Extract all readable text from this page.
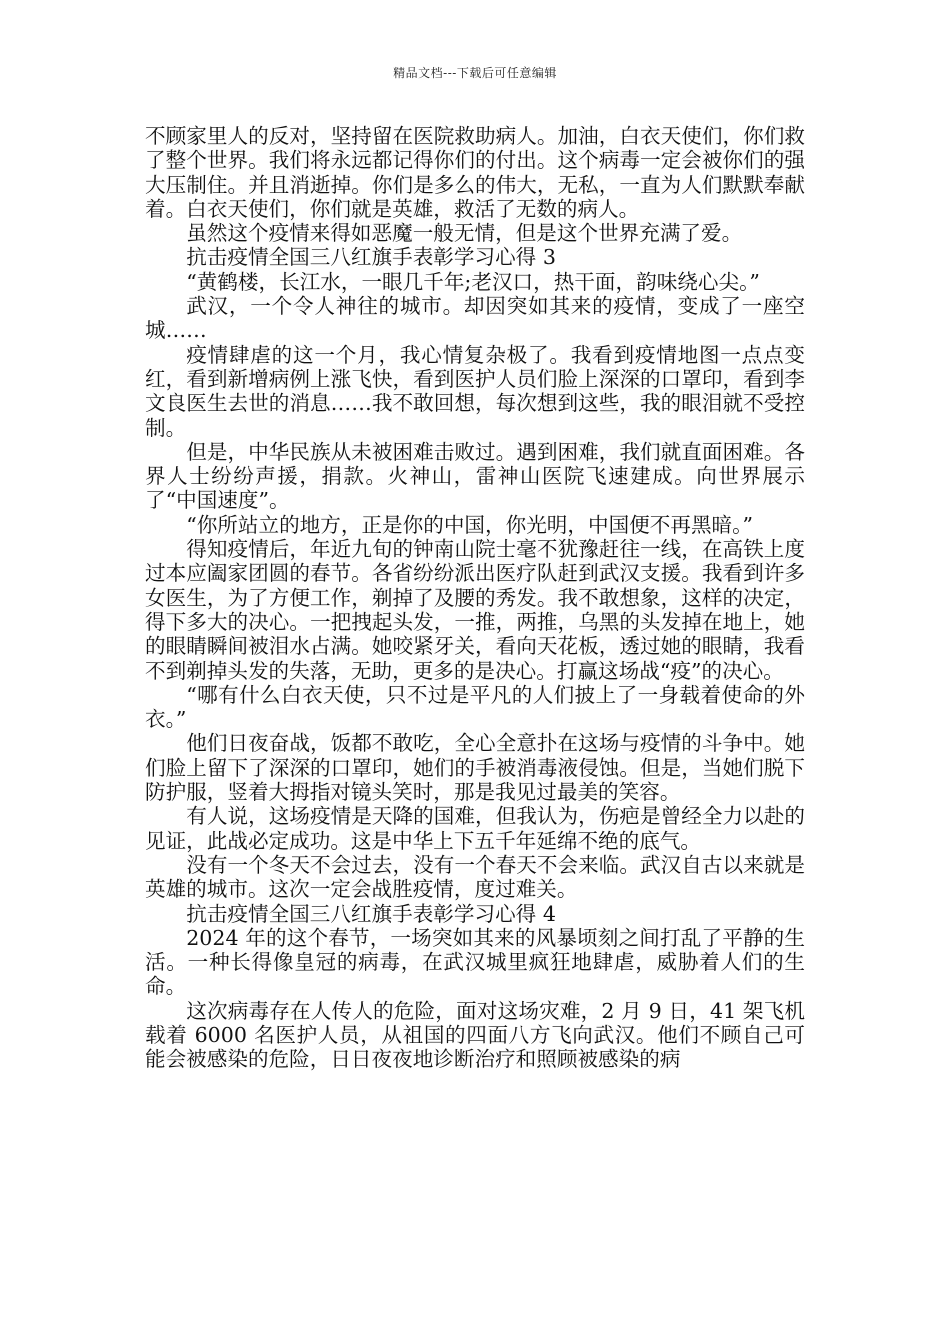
精品文档---下载后可任意编辑

不顾家里人的反对，坚持留在医院救助病人。加油，白衣天使们，你们救了整个世界。我们将永远都记得你们的付出。这个病毒一定会被你们的强大压制住。并且消逝掉。你们是多么的伟大，无私，一直为人们默默奉献着。白衣天使们，你们就是英雄，救活了无数的病人。

虽然这个疫情来得如恶魔一般无情，但是这个世界充满了爱。

抗击疫情全国三八红旗手表彰学习心得 3

“黄鹤楼，长江水，一眼几千年;老汉口，热干面，韵味绕心尖。”

武汉，一个令人神往的城市。却因突如其来的疫情，变成了一座空城……

疫情肆虐的这一个月，我心情复杂极了。我看到疫情地图一点点变红，看到新增病例上涨飞快，看到医护人员们脸上深深的口罩印，看到李文良医生去世的消息……我不敢回想，每次想到这些，我的眼泪就不受控制。

但是，中华民族从未被困难击败过。遇到困难，我们就直面困难。各界人士纷纷声援，捐款。火神山，雷神山医院飞速建成。向世界展示了“中国速度”。

“你所站立的地方，正是你的中国，你光明，中国便不再黑暗。”

得知疫情后，年近九旬的钟南山院士毫不犹豫赶往一线，在高铁上度过本应阖家团圆的春节。各省纷纷派出医疗队赶到武汉支援。我看到许多女医生，为了方便工作，剃掉了及腰的秀发。我不敢想象，这样的决定，得下多大的决心。一把拽起头发，一推，两推，乌黑的头发掉在地上，她的眼睛瞬间被泪水占满。她咬紧牙关，看向天花板，透过她的眼睛，我看不到剃掉头发的失落，无助，更多的是决心。打赢这场战“疫”的决心。

“哪有什么白衣天使，只不过是平凡的人们披上了一身载着使命的外衣。”

他们日夜奋战，饭都不敢吃，全心全意扑在这场与疫情的斗争中。她们脸上留下了深深的口罩印，她们的手被消毒液侵蚀。但是，当她们脱下防护服，竖着大拇指对镜头笑时，那是我见过最美的笑容。

有人说，这场疫情是天降的国难，但我认为，伤疤是曾经全力以赴的见证，此战必定成功。这是中华上下五千年延绵不绝的底气。

没有一个冬天不会过去，没有一个春天不会来临。武汉自古以来就是英雄的城市。这次一定会战胜疫情，度过难关。

抗击疫情全国三八红旗手表彰学习心得 4

2024 年的这个春节，一场突如其来的风暴顷刻之间打乱了平静的生活。一种长得像皇冠的病毒，在武汉城里疯狂地肆虐，威胁着人们的生命。

这次病毒存在人传人的危险，面对这场灾难，2 月 9 日，41 架飞机载着 6000 名医护人员，从祖国的四面八方飞向武汉。他们不顾自己可能会被感染的危险，日日夜夜地诊断治疗和照顾被感染的病
